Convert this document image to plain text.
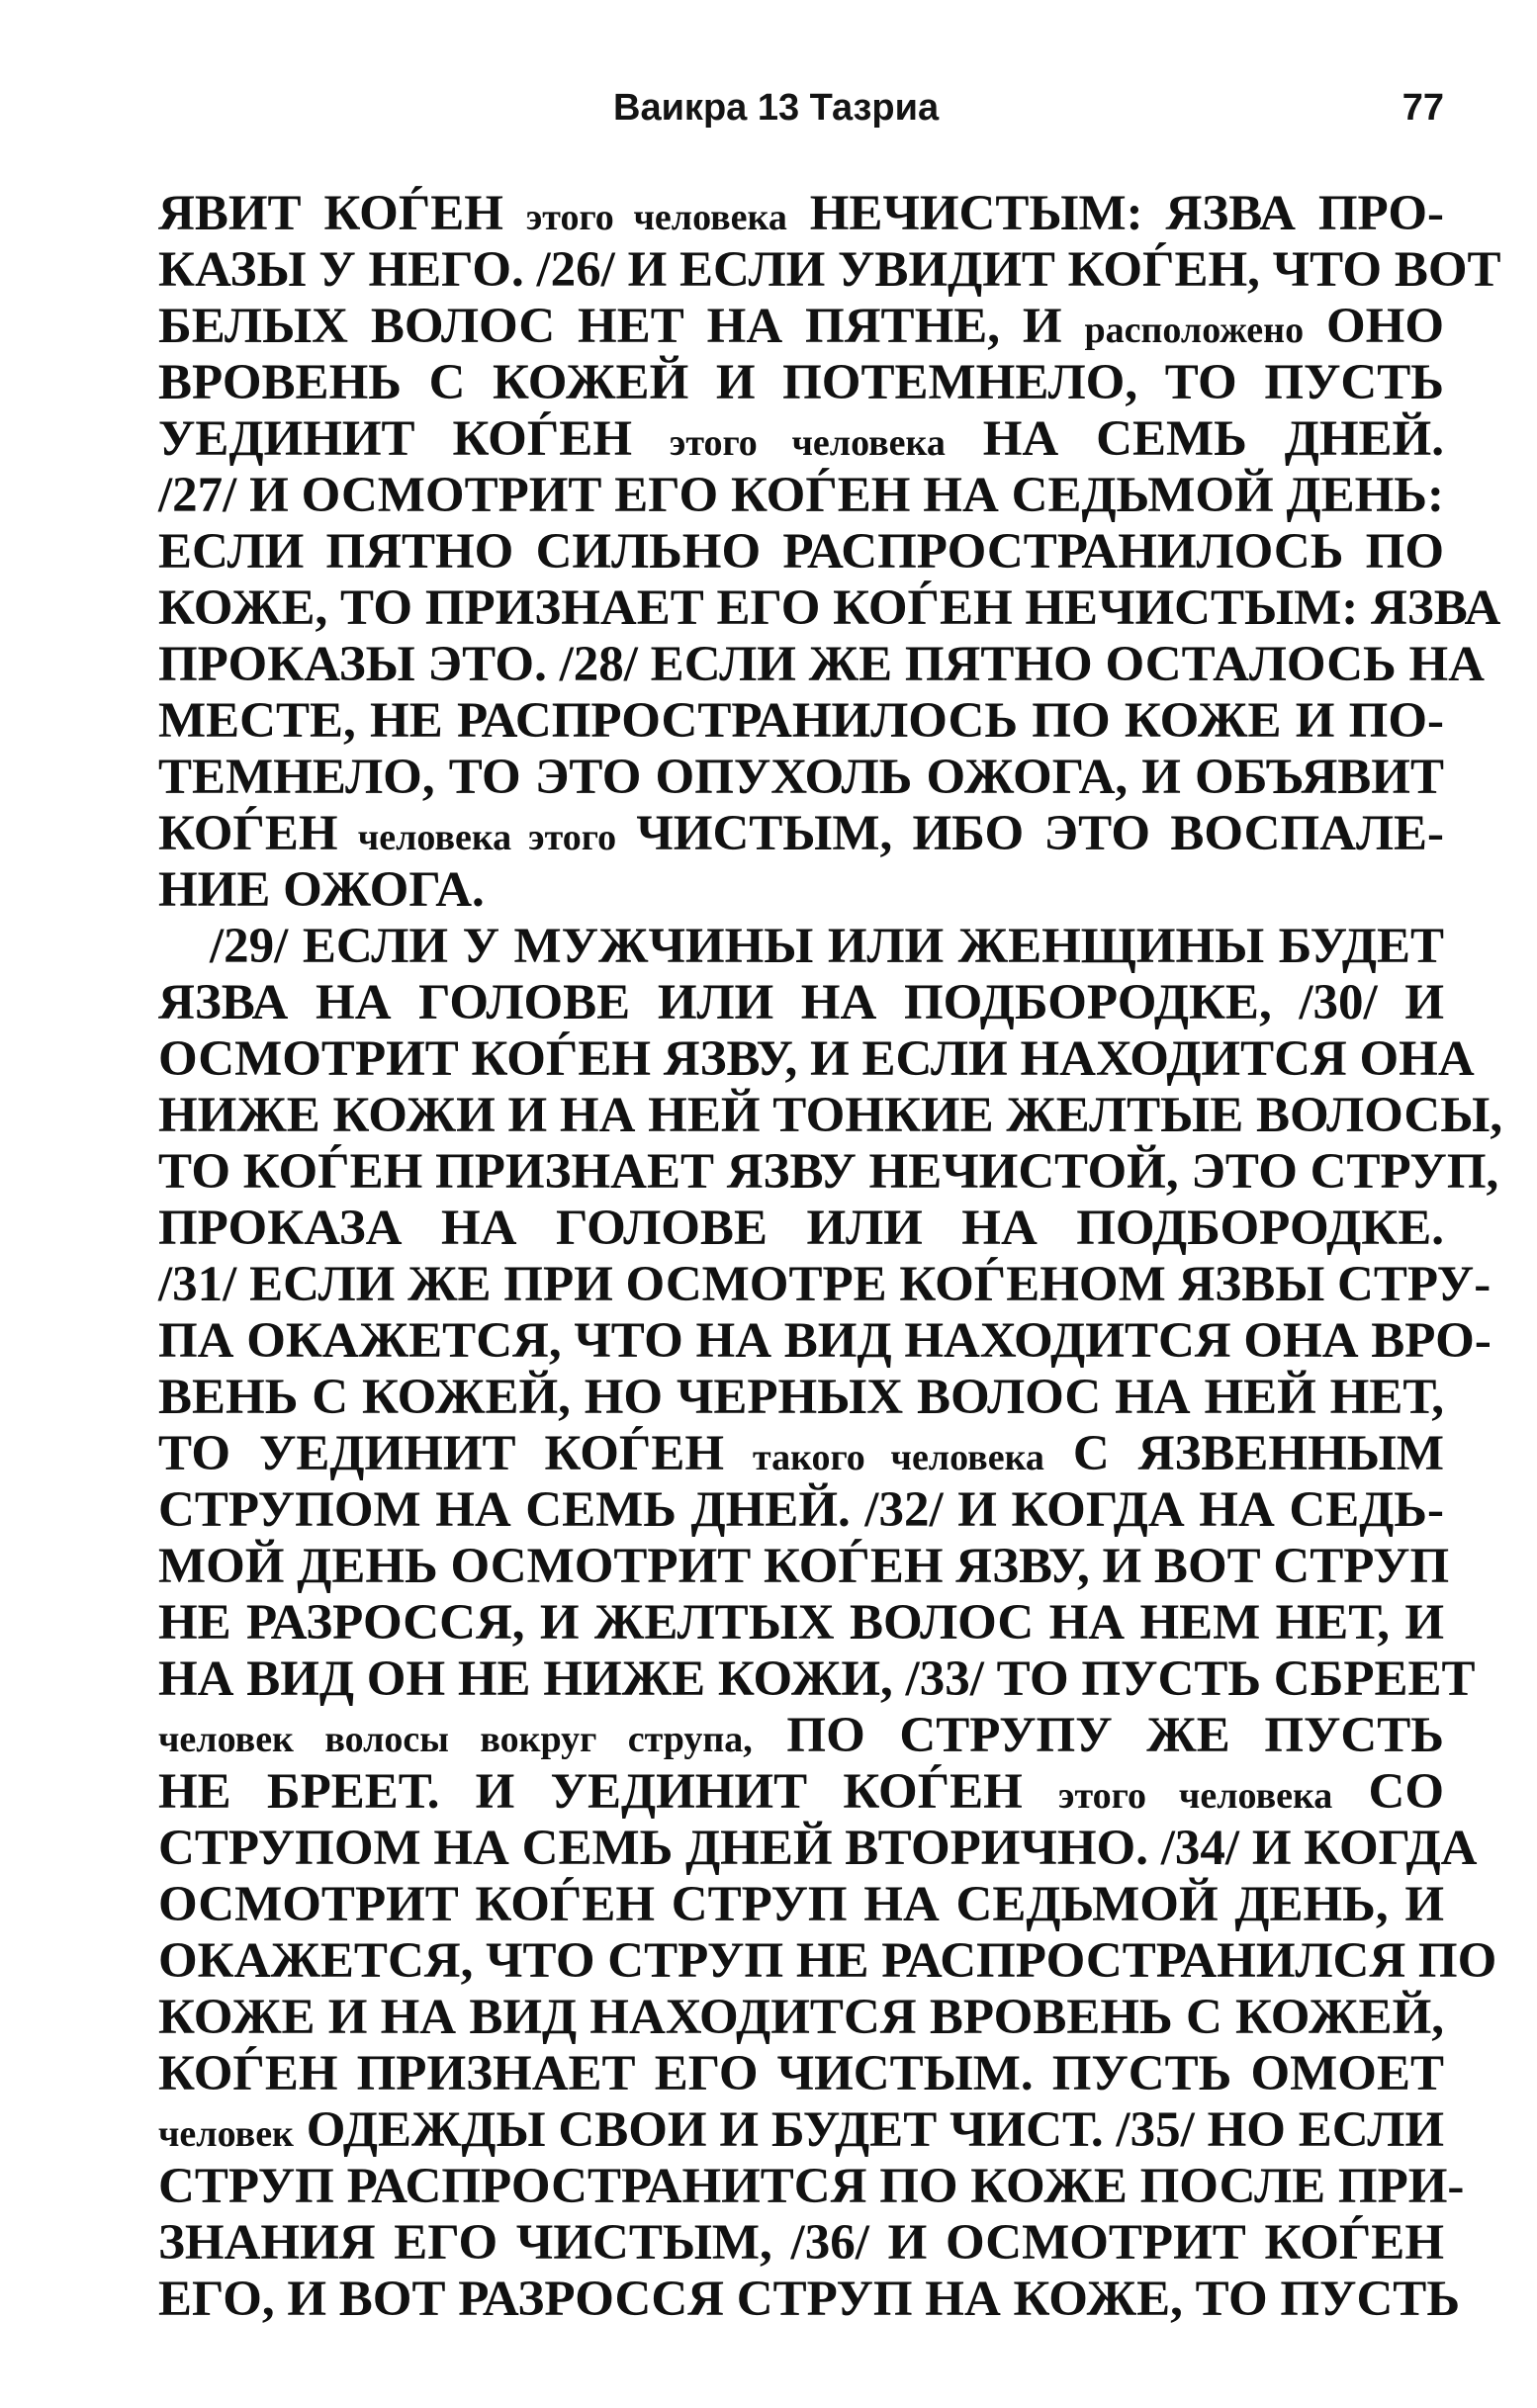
Ваикра 13 Тазриа	77
ЯВИТ КОЃЕН этого человека НЕЧИСТЫМ: ЯЗВА ПРО-
КАЗЫ У НЕГО. /26/ И ЕСЛИ УВИДИТ КОЃЕН, ЧТО ВОТ
БЕЛЫХ ВОЛОС НЕТ НА ПЯТНЕ, И расположено ОНО
ВРОВЕНЬ С КОЖЕЙ И ПОТЕМНЕЛО, ТО ПУСТЬ
УЕДИНИТ КОЃЕН этого человека НА СЕМЬ ДНЕЙ.
/27/ И ОСМОТРИТ ЕГО КОЃЕН НА СЕДЬМОЙ ДЕНЬ:
ЕСЛИ ПЯТНО СИЛЬНО РАСПРОСТРАНИЛОСЬ ПО
КОЖЕ, ТО ПРИЗНАЕТ ЕГО КОЃЕН НЕЧИСТЫМ: ЯЗВА
ПРОКАЗЫ ЭТО. /28/ ЕСЛИ ЖЕ ПЯТНО ОСТАЛОСЬ НА
МЕСТЕ, НЕ РАСПРОСТРАНИЛОСЬ ПО КОЖЕ И ПО-
ТЕМНЕЛО, ТО ЭТО ОПУХОЛЬ ОЖОГА, И ОБЪЯВИТ
КОЃЕН человека этого ЧИСТЫМ, ИБО ЭТО ВОСПАЛЕ-
НИЕ ОЖОГА.
/29/ ЕСЛИ У МУЖЧИНЫ ИЛИ ЖЕНЩИНЫ БУДЕТ
ЯЗВА НА ГОЛОВЕ ИЛИ НА ПОДБОРОДКЕ, /30/ И
ОСМОТРИТ КОЃЕН ЯЗВУ, И ЕСЛИ НАХОДИТСЯ ОНА
НИЖЕ КОЖИ И НА НЕЙ ТОНКИЕ ЖЕЛТЫЕ ВОЛОСЫ,
ТО КОЃЕН ПРИЗНАЕТ ЯЗВУ НЕЧИСТОЙ, ЭТО СТРУП,
ПРОКАЗА НА ГОЛОВЕ ИЛИ НА ПОДБОРОДКЕ.
/31/ ЕСЛИ ЖЕ ПРИ ОСМОТРЕ КОЃЕНОМ ЯЗВЫ СТРУ-
ПА ОКАЖЕТСЯ, ЧТО НА ВИД НАХОДИТСЯ ОНА ВРО-
ВЕНЬ С КОЖЕЙ, НО ЧЕРНЫХ ВОЛОС НА НЕЙ НЕТ,
ТО УЕДИНИТ КОЃЕН такого человека С ЯЗВЕННЫМ
СТРУПОМ НА СЕМЬ ДНЕЙ. /32/ И КОГДА НА СЕДЬ-
МОЙ ДЕНЬ ОСМОТРИТ КОЃЕН ЯЗВУ, И ВОТ СТРУП
НЕ РАЗРОССЯ, И ЖЕЛТЫХ ВОЛОС НА НЕМ НЕТ, И
НА ВИД ОН НЕ НИЖЕ КОЖИ, /33/ ТО ПУСТЬ СБРЕЕТ
человек волосы вокруг струпа, ПО СТРУПУ ЖЕ ПУСТЬ
НЕ БРЕЕТ. И УЕДИНИТ КОЃЕН этого человека СО
СТРУПОМ НА СЕМЬ ДНЕЙ ВТОРИЧНО. /34/ И КОГДА
ОСМОТРИТ КОЃЕН СТРУП НА СЕДЬМОЙ ДЕНЬ, И
ОКАЖЕТСЯ, ЧТО СТРУП НЕ РАСПРОСТРАНИЛСЯ ПО
КОЖЕ И НА ВИД НАХОДИТСЯ ВРОВЕНЬ С КОЖЕЙ,
КОЃЕН ПРИЗНАЕТ ЕГО ЧИСТЫМ. ПУСТЬ ОМОЕТ
человек ОДЕЖДЫ СВОИ И БУДЕТ ЧИСТ. /35/ НО ЕСЛИ
СТРУП РАСПРОСТРАНИТСЯ ПО КОЖЕ ПОСЛЕ ПРИ-
ЗНАНИЯ ЕГО ЧИСТЫМ, /36/ И ОСМОТРИТ КОЃЕН
ЕГО, И ВОТ РАЗРОССЯ СТРУП НА КОЖЕ, ТО ПУСТЬ
